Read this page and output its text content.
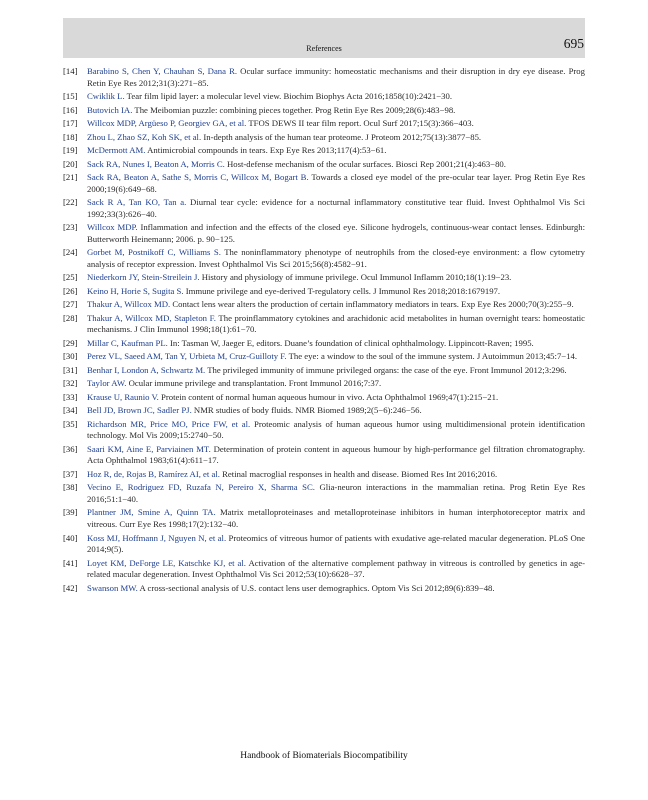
References	695
[14] Barabino S, Chen Y, Chauhan S, Dana R. Ocular surface immunity: homeostatic mechanisms and their disruption in dry eye disease. Prog Retin Eye Res 2012;31(3):271−85.
[15] Cwiklik L. Tear film lipid layer: a molecular level view. Biochim Biophys Acta 2016;1858(10):2421−30.
[16] Butovich IA. The Meibomian puzzle: combining pieces together. Prog Retin Eye Res 2009;28(6):483−98.
[17] Willcox MDP, Argüeso P, Georgiev GA, et al. TFOS DEWS II tear film report. Ocul Surf 2017;15(3):366−403.
[18] Zhou L, Zhao SZ, Koh SK, et al. In-depth analysis of the human tear proteome. J Proteom 2012;75(13):3877−85.
[19] McDermott AM. Antimicrobial compounds in tears. Exp Eye Res 2013;117(4):53−61.
[20] Sack RA, Nunes I, Beaton A, Morris C. Host-defense mechanism of the ocular surfaces. Biosci Rep 2001;21(4):463−80.
[21] Sack RA, Beaton A, Sathe S, Morris C, Willcox M, Bogart B. Towards a closed eye model of the pre-ocular tear layer. Prog Retin Eye Res 2000;19(6):649−68.
[22] Sack R A, Tan KO, Tan a. Diurnal tear cycle: evidence for a nocturnal inflammatory constitutive tear fluid. Invest Ophthalmol Vis Sci 1992;33(3):626−40.
[23] Willcox MDP. Inflammation and infection and the effects of the closed eye. Silicone hydrogels, continuous-wear contact lenses. Edinburgh: Butterworth Heinemann; 2006. p. 90−125.
[24] Gorbet M, Postnikoff C, Williams S. The noninflammatory phenotype of neutrophils from the closed-eye environment: a flow cytometry analysis of receptor expression. Invest Ophthalmol Vis Sci 2015;56(8):4582−91.
[25] Niederkorn JY, Stein-Streilein J. History and physiology of immune privilege. Ocul Immunol Inflamm 2010;18(1):19−23.
[26] Keino H, Horie S, Sugita S. Immune privilege and eye-derived T-regulatory cells. J Immunol Res 2018;2018:1679197.
[27] Thakur A, Willcox MD. Contact lens wear alters the production of certain inflammatory mediators in tears. Exp Eye Res 2000;70(3):255−9.
[28] Thakur A, Willcox MD, Stapleton F. The proinflammatory cytokines and arachidonic acid metabolites in human overnight tears: homeostatic mechanisms. J Clin Immunol 1998;18(1):61−70.
[29] Millar C, Kaufman PL. In: Tasman W, Jaeger E, editors. Duane’s foundation of clinical ophthalmology. Lippincott-Raven; 1995.
[30] Perez VL, Saeed AM, Tan Y, Urbieta M, Cruz-Guilloty F. The eye: a window to the soul of the immune system. J Autoimmun 2013;45:7−14.
[31] Benhar I, London A, Schwartz M. The privileged immunity of immune privileged organs: the case of the eye. Front Immunol 2012;3:296.
[32] Taylor AW. Ocular immune privilege and transplantation. Front Immunol 2016;7:37.
[33] Krause U, Raunio V. Protein content of normal human aqueous humour in vivo. Acta Ophthalmol 1969;47(1):215−21.
[34] Bell JD, Brown JC, Sadler PJ. NMR studies of body fluids. NMR Biomed 1989;2(5−6):246−56.
[35] Richardson MR, Price MO, Price FW, et al. Proteomic analysis of human aqueous humor using multidimensional protein identification technology. Mol Vis 2009;15:2740−50.
[36] Saari KM, Aine E, Parviainen MT. Determination of protein content in aqueous humour by high-performance gel filtration chromatography. Acta Ophthalmol 1983;61(4):611−17.
[37] Hoz R, de, Rojas B, Ramírez AI, et al. Retinal macroglial responses in health and disease. Biomed Res Int 2016;2016.
[38] Vecino E, Rodriguez FD, Ruzafa N, Pereiro X, Sharma SC. Glia-neuron interactions in the mammalian retina. Prog Retin Eye Res 2016;51:1−40.
[39] Plantner JM, Smine A, Quinn TA. Matrix metalloproteinases and metalloproteinase inhibitors in human interphotoreceptor matrix and vitreous. Curr Eye Res 1998;17(2):132−40.
[40] Koss MJ, Hoffmann J, Nguyen N, et al. Proteomics of vitreous humor of patients with exudative age-related macular degeneration. PLoS One 2014;9(5).
[41] Loyet KM, DeForge LE, Katschke KJ, et al. Activation of the alternative complement pathway in vitreous is controlled by genetics in age-related macular degeneration. Invest Ophthalmol Vis Sci 2012;53(10):6628−37.
[42] Swanson MW. A cross-sectional analysis of U.S. contact lens user demographics. Optom Vis Sci 2012;89(6):839−48.
Handbook of Biomaterials Biocompatibility
